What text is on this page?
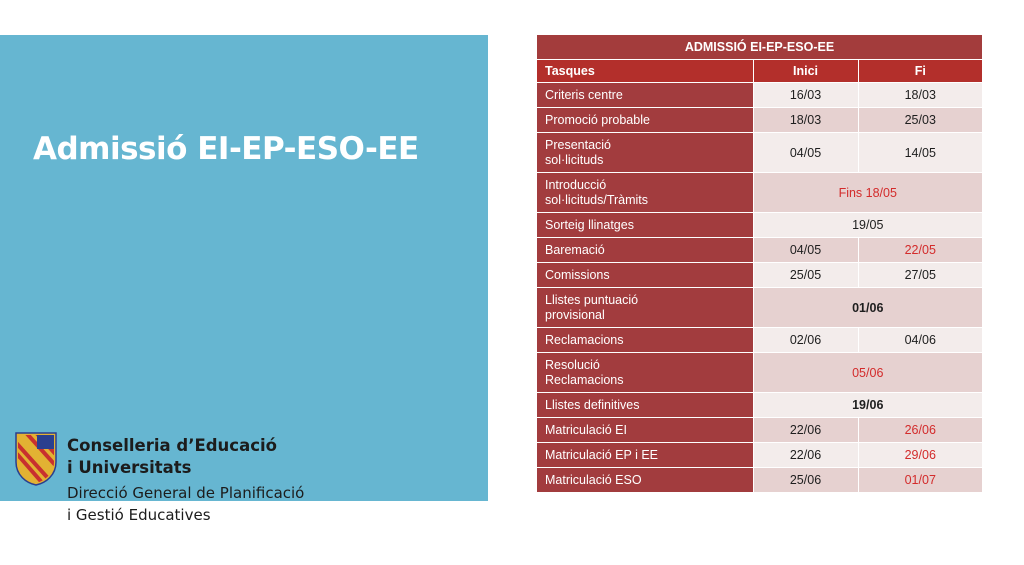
Admissió EI-EP-ESO-EE
Conselleria d’Educació
i Universitats
Direcció General de Planificació
i Gestió Educatives
ADMISSIÓ EI-EP-ESO-EE		
Tasques	Inici	Fi
Criteris centre	16/03	18/03
Promoció probable	18/03	25/03
Presentació
sol·licituds	04/05	14/05
Introducció
sol·licituds/Tràmits	Fins 18/05	
Sorteig llinatges	19/05	
Baremació	04/05	22/05
Comissions	25/05	27/05
Llistes puntuació
provisional	01/06	
Reclamacions	02/06	04/06
Resolució
Reclamacions	05/06	
Llistes definitives	19/06	
Matriculació EI	22/06	26/06
Matriculació EP i EE	22/06	29/06
Matriculació ESO	25/06	01/07
